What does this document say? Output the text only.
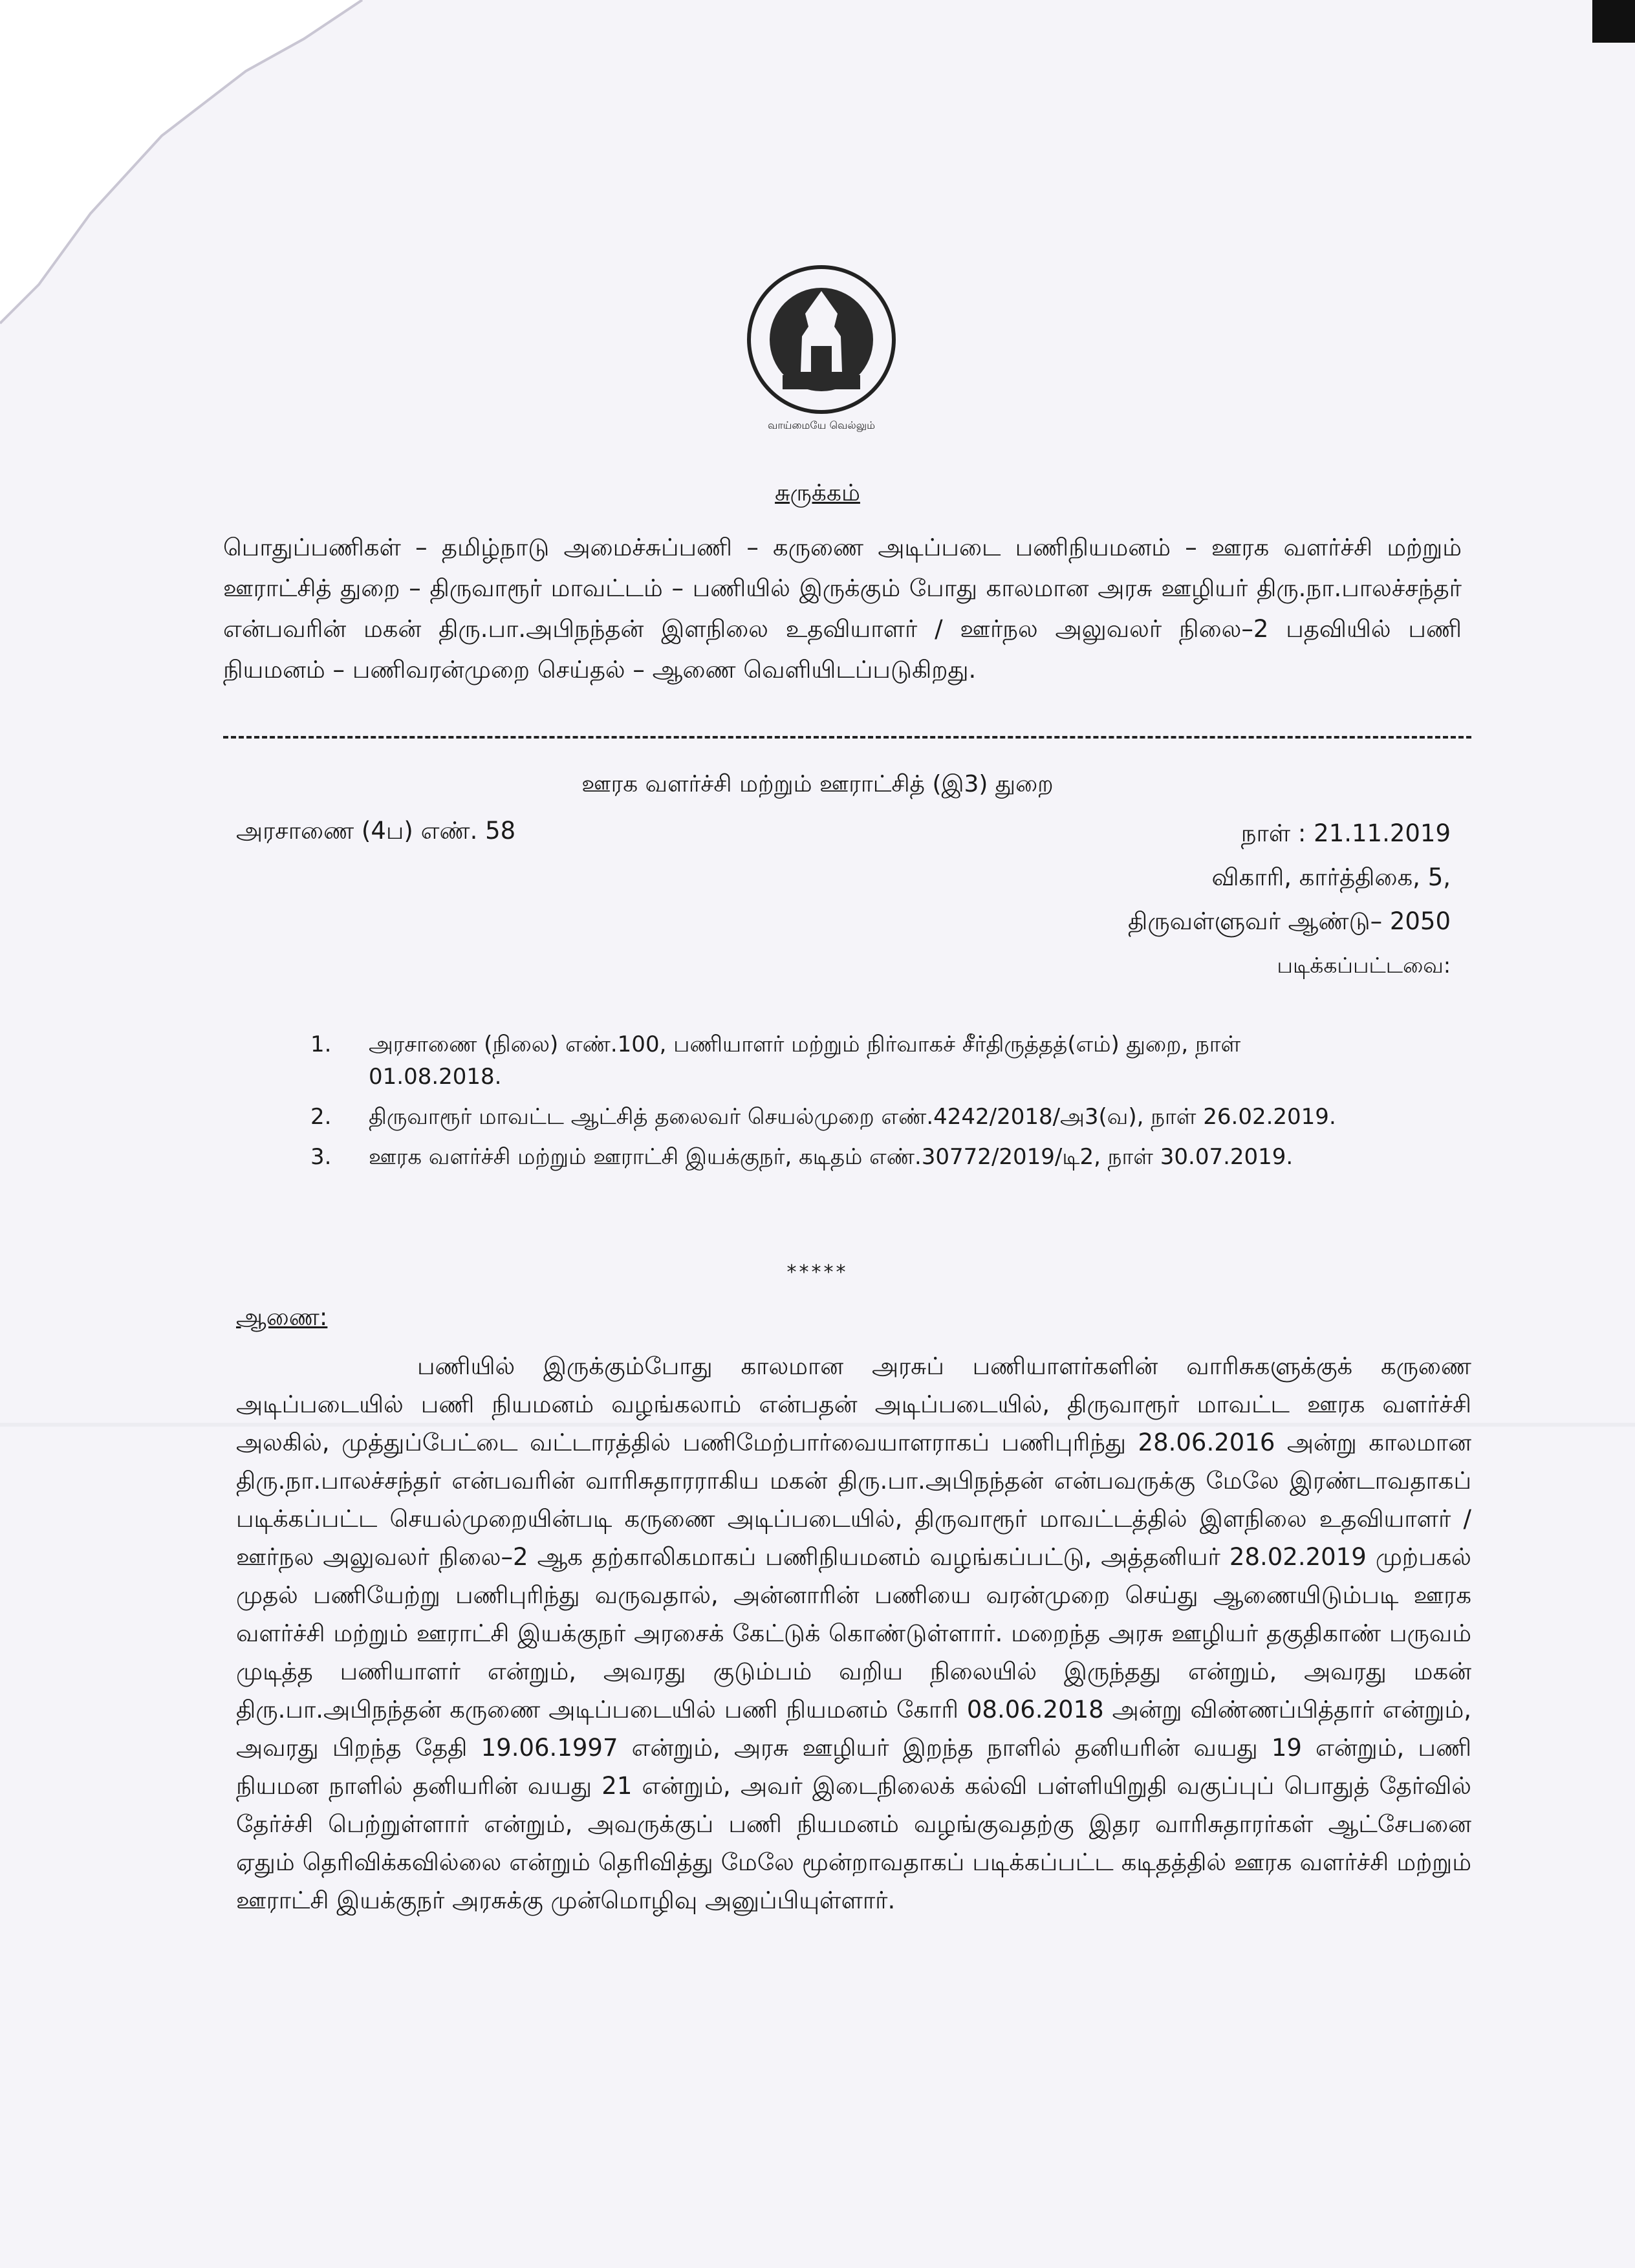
வாய்மையே வெல்லும்
சுருக்கம்
பொதுப்பணிகள் – தமிழ்நாடு அமைச்சுப்பணி – கருணை அடிப்படை பணிநியமனம் – ஊரக வளர்ச்சி மற்றும் ஊராட்சித் துறை – திருவாரூர் மாவட்டம் – பணியில் இருக்கும் போது காலமான அரசு ஊழியர் திரு.நா.பாலச்சந்தர் என்பவரின் மகன் திரு.பா.அபிநந்தன் இளநிலை உதவியாளர் / ஊர்நல அலுவலர் நிலை–2 பதவியில் பணி நியமனம் – பணிவரன்முறை செய்தல் – ஆணை வெளியிடப்படுகிறது.
ஊரக வளர்ச்சி மற்றும் ஊராட்சித் (இ3) துறை
அரசாணை (4ப) எண். 58	நாள் : 21.11.2019
விகாரி, கார்த்திகை, 5,
திருவள்ளுவர் ஆண்டு– 2050
படிக்கப்பட்டவை:
1.	அரசாணை (நிலை) எண்.100, பணியாளர் மற்றும் நிர்வாகச் சீர்திருத்தத்(எம்) துறை, நாள் 01.08.2018.
2.	திருவாரூர் மாவட்ட ஆட்சித் தலைவர் செயல்முறை எண்.4242/2018/அ3(வ), நாள் 26.02.2019.
3.	ஊரக வளர்ச்சி மற்றும் ஊராட்சி இயக்குநர், கடிதம் எண்.30772/2019/டி2, நாள் 30.07.2019.
*****
ஆணை:
பணியில் இருக்கும்போது காலமான அரசுப் பணியாளர்களின் வாரிசுகளுக்குக் கருணை அடிப்படையில் பணி நியமனம் வழங்கலாம் என்பதன் அடிப்படையில், திருவாரூர் மாவட்ட ஊரக வளர்ச்சி அலகில், முத்துப்பேட்டை வட்டாரத்தில் பணிமேற்பார்வையாளராகப் பணிபுரிந்து 28.06.2016 அன்று காலமான திரு.நா.பாலச்சந்தர் என்பவரின் வாரிசுதாரராகிய மகன் திரு.பா.அபிநந்தன் என்பவருக்கு மேலே இரண்டாவதாகப் படிக்கப்பட்ட செயல்முறையின்படி கருணை அடிப்படையில், திருவாரூர் மாவட்டத்தில் இளநிலை உதவியாளர் / ஊர்நல அலுவலர் நிலை–2 ஆக தற்காலிகமாகப் பணிநியமனம் வழங்கப்பட்டு, அத்தனியர் 28.02.2019 முற்பகல் முதல் பணியேற்று பணிபுரிந்து வருவதால், அன்னாரின் பணியை வரன்முறை செய்து ஆணையிடும்படி ஊரக வளர்ச்சி மற்றும் ஊராட்சி இயக்குநர் அரசைக் கேட்டுக் கொண்டுள்ளார். மறைந்த அரசு ஊழியர் தகுதிகாண் பருவம் முடித்த பணியாளர் என்றும், அவரது குடும்பம் வறிய நிலையில் இருந்தது என்றும், அவரது மகன் திரு.பா.அபிநந்தன் கருணை அடிப்படையில் பணி நியமனம் கோரி 08.06.2018 அன்று விண்ணப்பித்தார் என்றும், அவரது பிறந்த தேதி 19.06.1997 என்றும், அரசு ஊழியர் இறந்த நாளில் தனியரின் வயது 19 என்றும், பணி நியமன நாளில் தனியரின் வயது 21 என்றும், அவர் இடைநிலைக் கல்வி பள்ளியிறுதி வகுப்புப் பொதுத் தேர்வில் தேர்ச்சி பெற்றுள்ளார் என்றும், அவருக்குப் பணி நியமனம் வழங்குவதற்கு இதர வாரிசுதாரர்கள் ஆட்சேபனை ஏதும் தெரிவிக்கவில்லை என்றும் தெரிவித்து மேலே மூன்றாவதாகப் படிக்கப்பட்ட கடிதத்தில் ஊரக வளர்ச்சி மற்றும் ஊராட்சி இயக்குநர் அரசுக்கு முன்மொழிவு அனுப்பியுள்ளார்.
